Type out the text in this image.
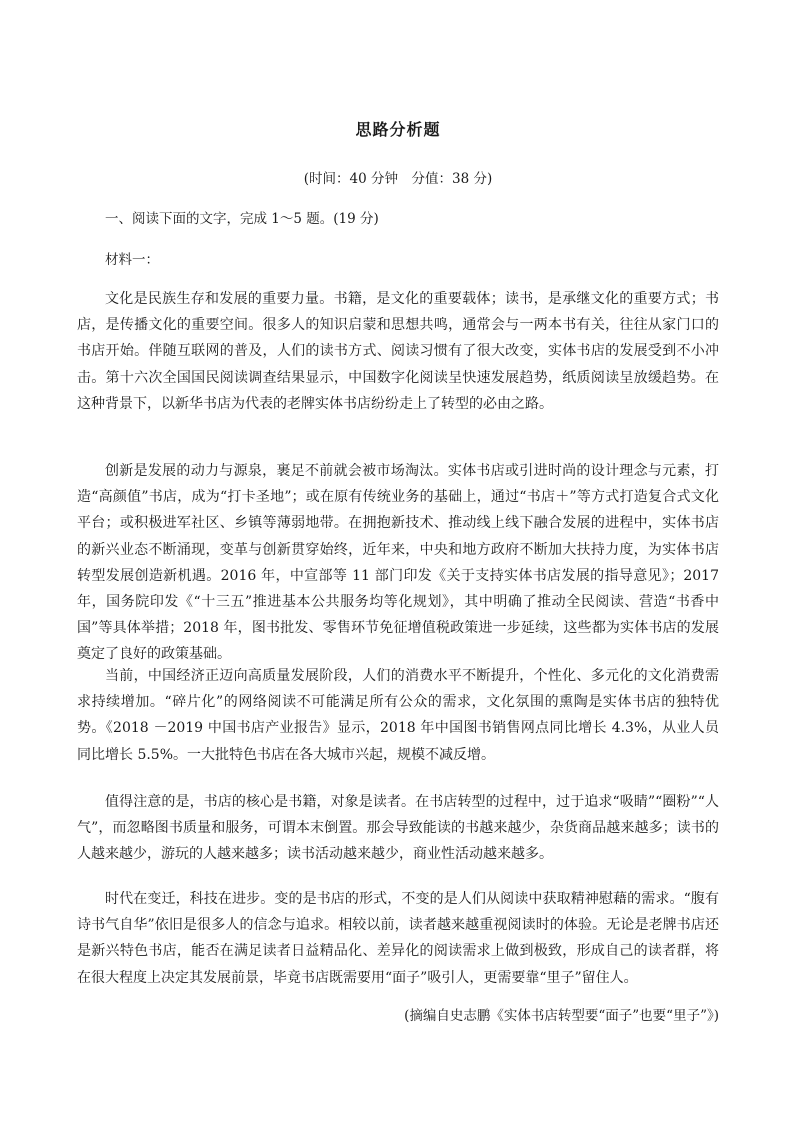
思路分析题
(时间：40 分钟　分值：38 分)
一、阅读下面的文字，完成 1～5 题。(19 分)
材料一：

文化是民族生存和发展的重要力量。书籍，是文化的重要载体；读书，是承继文化的重要方式；书店，是传播文化的重要空间。很多人的知识启蒙和思想共鸣，通常会与一两本书有关，往往从家门口的书店开始。伴随互联网的普及，人们的读书方式、阅读习惯有了很大改变，实体书店的发展受到不小冲击。第十六次全国国民阅读调查结果显示，中国数字化阅读呈快速发展趋势，纸质阅读呈放缓趋势。在这种背景下，以新华书店为代表的老牌实体书店纷纷走上了转型的必由之路。

创新是发展的动力与源泉，裹足不前就会被市场淘汰。实体书店或引进时尚的设计理念与元素，打造“高颜值”书店，成为“打卡圣地”；或在原有传统业务的基础上，通过“书店＋”等方式打造复合式文化平台；或积极进军社区、乡镇等薄弱地带。在拥抱新技术、推动线上线下融合发展的进程中，实体书店的新兴业态不断涌现，变革与创新贯穿始终，近年来，中央和地方政府不断加大扶持力度，为实体书店转型发展创造新机遇。2016 年，中宣部等 11 部门印发《关于支持实体书店发展的指导意见》；2017 年，国务院印发《“十三五”推进基本公共服务均等化规划》，其中明确了推动全民阅读、营造“书香中国”等具体举措；2018 年，图书批发、零售环节免征增值税政策进一步延续，这些都为实体书店的发展奠定了良好的政策基础。

当前，中国经济正迈向高质量发展阶段，人们的消费水平不断提升，个性化、多元化的文化消费需求持续增加。“碎片化”的网络阅读不可能满足所有公众的需求，文化氛围的熏陶是实体书店的独特优势。《2018 －2019 中国书店产业报告》显示，2018 年中国图书销售网点同比增长 4.3%，从业人员同比增长 5.5%。一大批特色书店在各大城市兴起，规模不减反增。

值得注意的是，书店的核心是书籍，对象是读者。在书店转型的过程中，过于追求“吸睛”“圈粉”“人气”，而忽略图书质量和服务，可谓本末倒置。那会导致能读的书越来越少，杂货商品越来越多；读书的人越来越少，游玩的人越来越多；读书活动越来越少，商业性活动越来越多。

时代在变迁，科技在进步。变的是书店的形式，不变的是人们从阅读中获取精神慰藉的需求。“腹有诗书气自华”依旧是很多人的信念与追求。相较以前，读者越来越重视阅读时的体验。无论是老牌书店还是新兴特色书店，能否在满足读者日益精品化、差异化的阅读需求上做到极致，形成自己的读者群，将在很大程度上决定其发展前景，毕竟书店既需要用“面子”吸引人，更需要靠“里子”留住人。

(摘编自史志鹏《实体书店转型要“面子”也要“里子”》)
